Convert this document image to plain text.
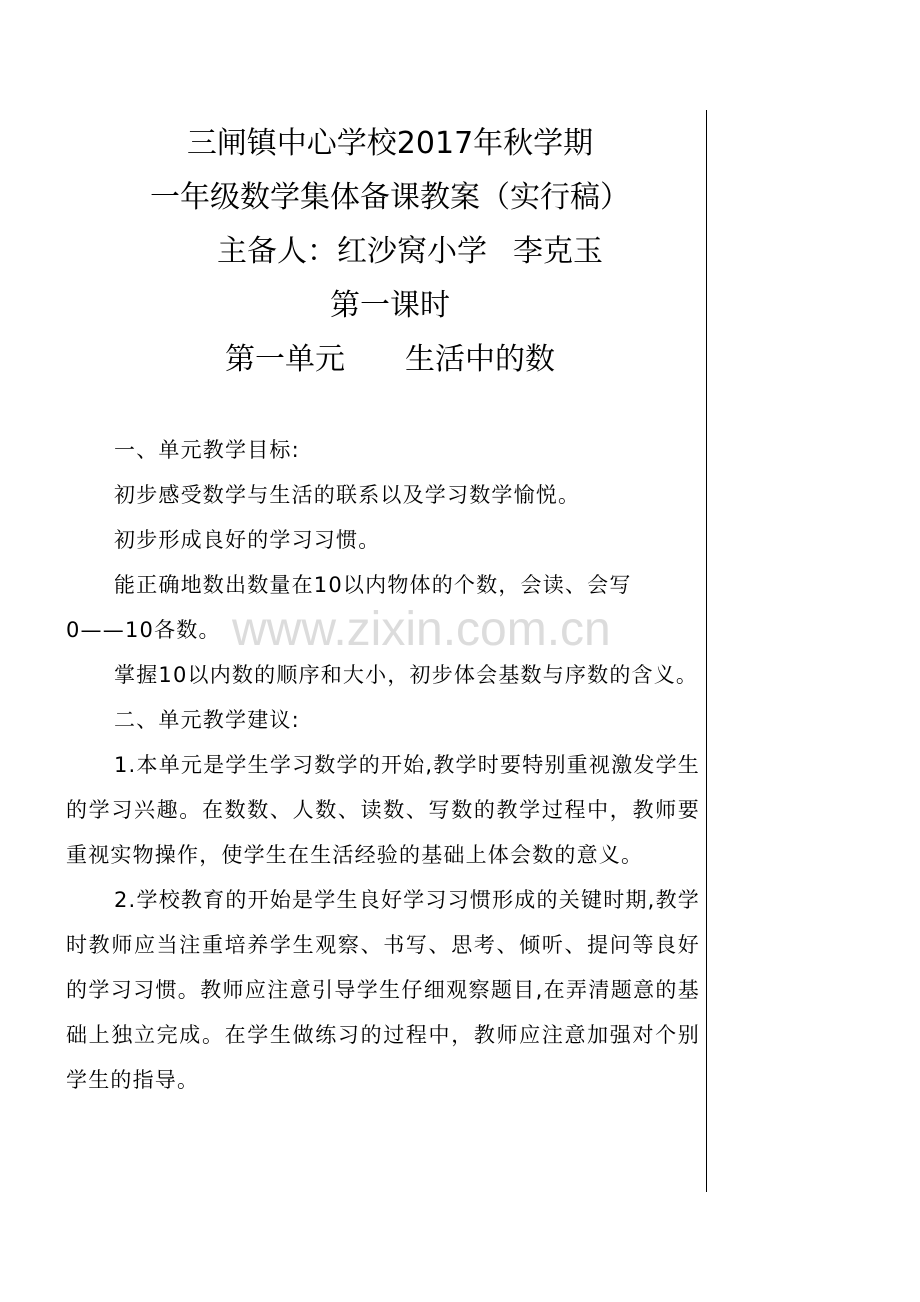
三闸镇中心学校2017年秋学期
一年级数学集体备课教案（实行稿）
主备人：红沙窝小学 李克玉
第一课时
第一单元 生活中的数

一、单元教学目标:

初步感受数学与生活的联系以及学习数学愉悦。

初步形成良好的学习习惯。

能正确地数出数量在10以内物体的个数，会读、会写
0——10各数。

掌握10以内数的顺序和大小，初步体会基数与序数的含义。

二、单元教学建议:

1.本单元是学生学习数学的开始,教学时要特别重视激发学生的学习兴趣。在数数、人数、读数、写数的教学过程中，教师要重视实物操作，使学生在生活经验的基础上体会数的意义。

2.学校教育的开始是学生良好学习习惯形成的关键时期,教学时教师应当注重培养学生观察、书写、思考、倾听、提问等良好的学习习惯。教师应注意引导学生仔细观察题目,在弄清题意的基础上独立完成。在学生做练习的过程中，教师应注意加强对个别学生的指导。

www.zixin.com.cn
